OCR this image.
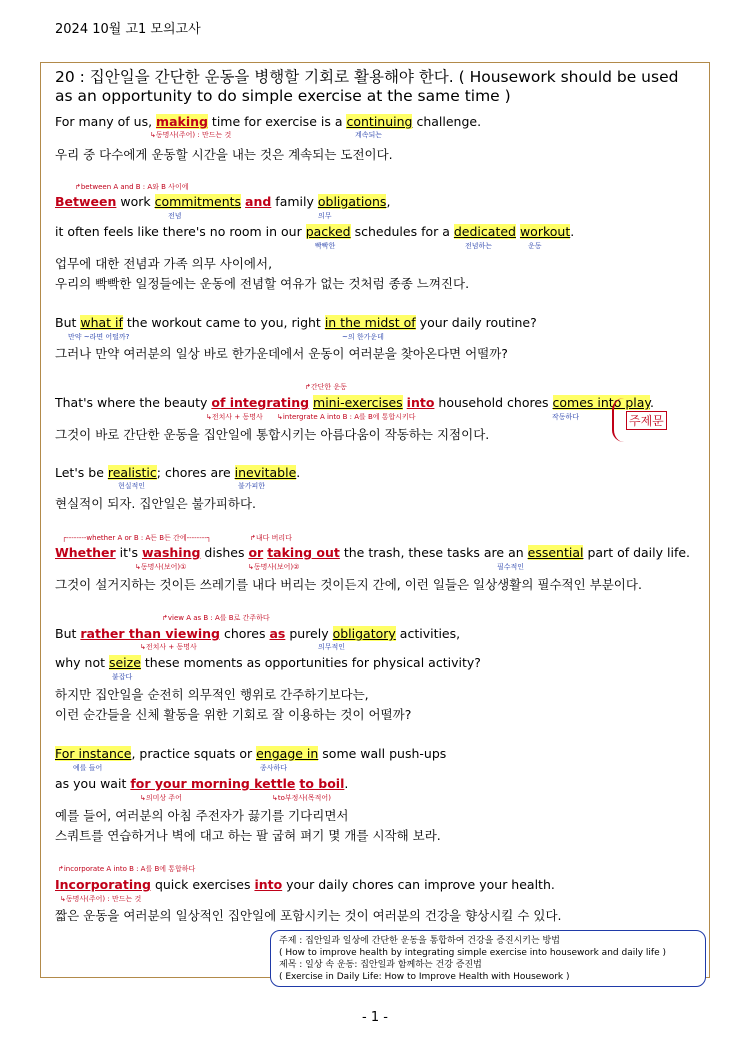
2024 10월 고1 모의고사
20 : 집안일을 간단한 운동을 병행할 기회로 활용해야 한다. ( Housework should be used as an opportunity to do simple exercise at the same time )
For many of us, making time for exercise is a continuing challenge.
↳동명사(주어) : 만드는 것	계속되는
우리 중 다수에게 운동할 시간을 내는 것은 계속되는 도전이다.
↱between A and B : A와 B 사이에
Between work commitments and family obligations,
전념	의무
it often feels like there's no room in our packed schedules for a dedicated workout.
빡빡한	전념하는	운동
업무에 대한 전념과 가족 의무 사이에서,
우리의 빡빡한 일정들에는 운동에 전념할 여유가 없는 것처럼 종종 느껴진다.
But what if the workout came to you, right in the midst of your daily routine?
만약 ~라면 어떨까?	~의 한가운데
그러나 만약 여러분의 일상 바로 한가운데에서 운동이 여러분을 찾아온다면 어떨까?
↱간단한 운동
That's where the beauty of integrating mini-exercises into household chores comes into play.
↳전치사 + 동명사 ↳intergrate A into B : A를 B에 통합시키다	작동하다
그것이 바로 간단한 운동을 집안일에 통합시키는 아름다움이 작동하는 지점이다.
주제문
Let's be realistic; chores are inevitable.
현실적인	불가피한
현실적이 되자. 집안일은 불가피하다.
┌--------whether A or B : A든 B든 간에--------┐	↱내다 버리다
Whether it's washing dishes or taking out the trash, these tasks are an essential part of daily life.
↳동명사(보어)①	↳동명사(보어)②	필수적인
그것이 설거지하는 것이든 쓰레기를 내다 버리는 것이든지 간에, 이런 일들은 일상생활의 필수적인 부분이다.
↱view A as B : A를 B로 간주하다
But rather than viewing chores as purely obligatory activities,
↳전치사 + 동명사	의무적인
why not seize these moments as opportunities for physical activity?
붙잡다
하지만 집안일을 순전히 의무적인 행위로 간주하기보다는,
이런 순간들을 신체 활동을 위한 기회로 잘 이용하는 것이 어떨까?
For instance, practice squats or engage in some wall push-ups
예를 들어	종사하다
as you wait for your morning kettle to boil.
↳의미상 주어	↳to부정사(목적어)
예를 들어, 여러분의 아침 주전자가 끓기를 기다리면서
스쿼트를 연습하거나 벽에 대고 하는 팔 굽혀 펴기 몇 개를 시작해 보라.
↱incorporate A into B : A를 B에 통합하다
Incorporating quick exercises into your daily chores can improve your health.
↳동명사(주어) : 만드는 것
짧은 운동을 여러분의 일상적인 집안일에 포함시키는 것이 여러분의 건강을 향상시킬 수 있다.
주제 : 집안일과 일상에 간단한 운동을 통합하여 건강을 증진시키는 방법
( How to improve health by integrating simple exercise into housework and daily life )
제목 : 일상 속 운동: 집안일과 함께하는 건강 증진법
( Exercise in Daily Life: How to Improve Health with Housework )
- 1 -
